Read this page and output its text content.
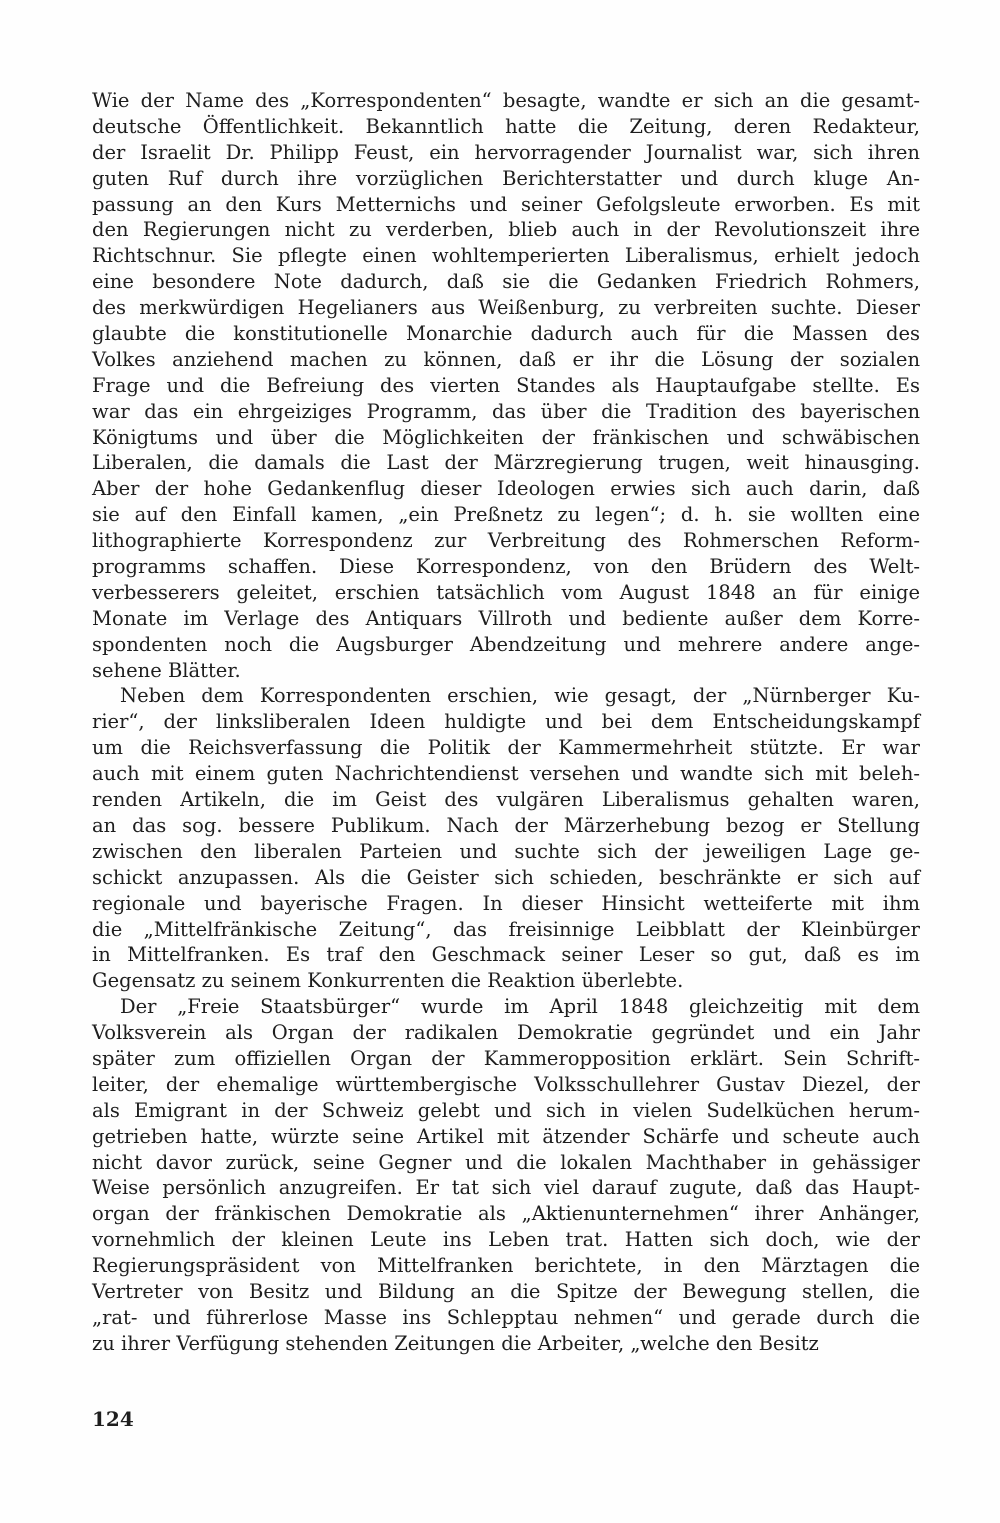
Wie der Name des „Korrespondenten“ besagte, wandte er sich an die gesamt-
deutsche Öffentlichkeit. Bekanntlich hatte die Zeitung, deren Redakteur,
der Israelit Dr. Philipp Feust, ein hervorragender Journalist war, sich ihren
guten Ruf durch ihre vorzüglichen Berichterstatter und durch kluge An-
passung an den Kurs Metternichs und seiner Gefolgsleute erworben. Es mit
den Regierungen nicht zu verderben, blieb auch in der Revolutionszeit ihre
Richtschnur. Sie pflegte einen wohltemperierten Liberalismus, erhielt jedoch
eine besondere Note dadurch, daß sie die Gedanken Friedrich Rohmers,
des merkwürdigen Hegelianers aus Weißenburg, zu verbreiten suchte. Dieser
glaubte die konstitutionelle Monarchie dadurch auch für die Massen des
Volkes anziehend machen zu können, daß er ihr die Lösung der sozialen
Frage und die Befreiung des vierten Standes als Hauptaufgabe stellte. Es
war das ein ehrgeiziges Programm, das über die Tradition des bayerischen
Königtums und über die Möglichkeiten der fränkischen und schwäbischen
Liberalen, die damals die Last der Märzregierung trugen, weit hinausging.
Aber der hohe Gedankenflug dieser Ideologen erwies sich auch darin, daß
sie auf den Einfall kamen, „ein Preßnetz zu legen“; d. h. sie wollten eine
lithographierte Korrespondenz zur Verbreitung des Rohmerschen Reform-
programms schaffen. Diese Korrespondenz, von den Brüdern des Welt-
verbesserers geleitet, erschien tatsächlich vom August 1848 an für einige
Monate im Verlage des Antiquars Villroth und bediente außer dem Korre-
spondenten noch die Augsburger Abendzeitung und mehrere andere ange-
sehene Blätter.
Neben dem Korrespondenten erschien, wie gesagt, der „Nürnberger Ku-
rier“, der linksliberalen Ideen huldigte und bei dem Entscheidungskampf
um die Reichsverfassung die Politik der Kammermehrheit stützte. Er war
auch mit einem guten Nachrichtendienst versehen und wandte sich mit beleh-
renden Artikeln, die im Geist des vulgären Liberalismus gehalten waren,
an das sog. bessere Publikum. Nach der Märzerhebung bezog er Stellung
zwischen den liberalen Parteien und suchte sich der jeweiligen Lage ge-
schickt anzupassen. Als die Geister sich schieden, beschränkte er sich auf
regionale und bayerische Fragen. In dieser Hinsicht wetteiferte mit ihm
die „Mittelfränkische Zeitung“, das freisinnige Leibblatt der Kleinbürger
in Mittelfranken. Es traf den Geschmack seiner Leser so gut, daß es im
Gegensatz zu seinem Konkurrenten die Reaktion überlebte.
Der „Freie Staatsbürger“ wurde im April 1848 gleichzeitig mit dem
Volksverein als Organ der radikalen Demokratie gegründet und ein Jahr
später zum offiziellen Organ der Kammeropposition erklärt. Sein Schrift-
leiter, der ehemalige württembergische Volksschullehrer Gustav Diezel, der
als Emigrant in der Schweiz gelebt und sich in vielen Sudelküchen herum-
getrieben hatte, würzte seine Artikel mit ätzender Schärfe und scheute auch
nicht davor zurück, seine Gegner und die lokalen Machthaber in gehässiger
Weise persönlich anzugreifen. Er tat sich viel darauf zugute, daß das Haupt-
organ der fränkischen Demokratie als „Aktienunternehmen“ ihrer Anhänger,
vornehmlich der kleinen Leute ins Leben trat. Hatten sich doch, wie der
Regierungspräsident von Mittelfranken berichtete, in den Märztagen die
Vertreter von Besitz und Bildung an die Spitze der Bewegung stellen, die
„rat- und führerlose Masse ins Schlepptau nehmen“ und gerade durch die
zu ihrer Verfügung stehenden Zeitungen die Arbeiter, „welche den Besitz
124
